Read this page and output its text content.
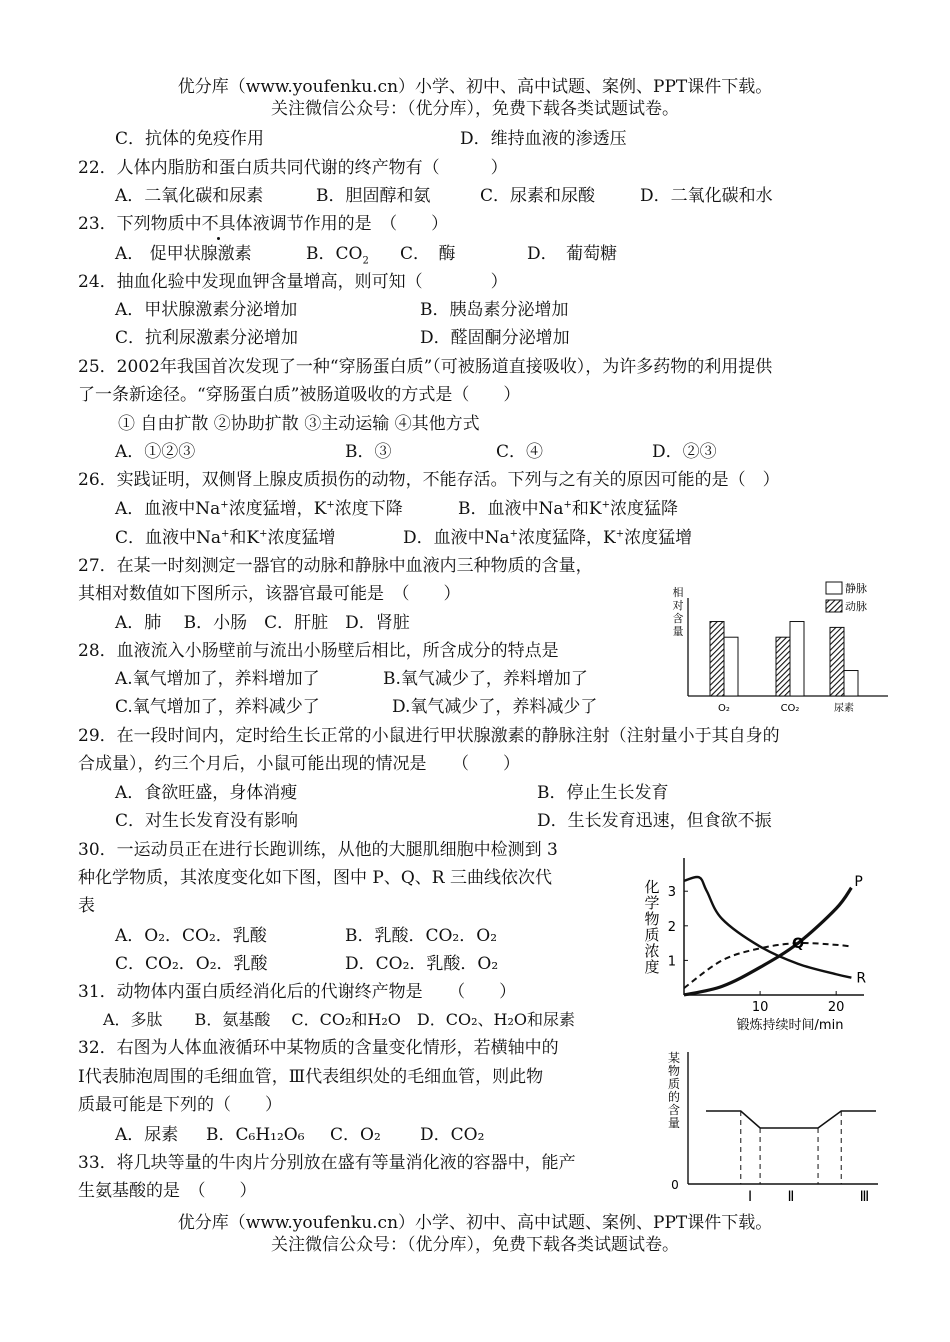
优分库（www.youfenku.cn）小学、初中、高中试题、案例、PPT课件下载。
关注微信公众号：（优分库），免费下载各类试题试卷。
C．抗体的免疫作用	D．维持血液的渗透压
22．人体内脂肪和蛋白质共同代谢的终产物有（　　　）
A．二氧化碳和尿素	B．胆固醇和氨	C．尿素和尿酸	D．二氧化碳和水
23．下列物质中不具体液调节作用的是　（　　）
A． 促甲状腺激素	B．$CO_2$ C．　酶	D．　葡萄糖
24．抽血化验中发现血钾含量增高，则可知（　　　　）
A．甲状腺激素分泌增加	B．胰岛素分泌增加
C．抗利尿激素分泌增加	D．醛固酮分泌增加
25．2002年我国首次发现了一种“穿肠蛋白质”（可被肠道直接吸收），为许多药物的利用提供
了一条新途径。“穿肠蛋白质”被肠道吸收的方式是（　　）
① 自由扩散 ②协助扩散 ③主动运输 ④其他方式
A．①②③	B．③	C．④	D．②③
26．实践证明，双侧肾上腺皮质损伤的动物，不能存活。下列与之有关的原因可能的是（　）
A．血液中Na+浓度猛增，K+浓度下降	B．血液中Na+和K+浓度猛降
C．血液中Na+和K+浓度猛增	D．血液中Na+浓度猛降，K+浓度猛增
27．在某一时刻测定一器官的动脉和静脉中血液内三种物质的含量，
其相对数值如下图所示，该器官最可能是　（　　）
A．肺　 B．小肠　C．肝脏　D．肾脏
28．血液流入小肠壁前与流出小肠壁后相比，所含成分的特点是
A.氧气增加了，养料增加了	B.氧气减少了，养料增加了
C.氧气增加了，养料减少了	D.氧气减少了，养料减少了
29．在一段时间内，定时给生长正常的小鼠进行甲状腺激素的静脉注射（注射量小于其自身的
合成量），约三个月后，小鼠可能出现的情况是　　（　　）
A．食欲旺盛，身体消瘦	B．停止生长发育
C．对生长发育没有影响	D．生长发育迅速，但食欲不振
30．一运动员正在进行长跑训练，从他的大腿肌细胞中检测到 3
种化学物质，其浓度变化如下图，图中 P、Q、R 三曲线依次代
表
A．O₂．CO₂．乳酸	B．乳酸．CO₂．O₂
C．CO₂．O₂．乳酸	D．CO₂．乳酸．O₂
31．动物体内蛋白质经消化后的代谢终产物是　　（　　）
A．多肽　　B．氨基酸　 C．CO₂和H₂O　D．CO₂、H₂O和尿素
32．右图为人体血液循环中某物质的含量变化情形，若横轴中的
Ⅰ代表肺泡周围的毛细血管，Ⅲ代表组织处的毛细血管，则此物
质最可能是下列的（　　）
A．尿素 B．C₆H₁₂O₆ C．O₂ D．CO₂
33．将几块等量的牛肉片分别放在盛有等量消化液的容器中，能产
生氨基酸的是　（　　）
优分库（www.youfenku.cn）小学、初中、高中试题、案例、PPT课件下载。
关注微信公众号：（优分库），免费下载各类试题试卷。
相
对
含
量
静脉
动脉
O₂	CO₂	尿素
化
学
物
质
浓
度
锻炼持续时间/min
1
2
3
10	20
P
Q
R
0
某
物
质
的
含
量
Ⅰ	Ⅱ	Ⅲ
